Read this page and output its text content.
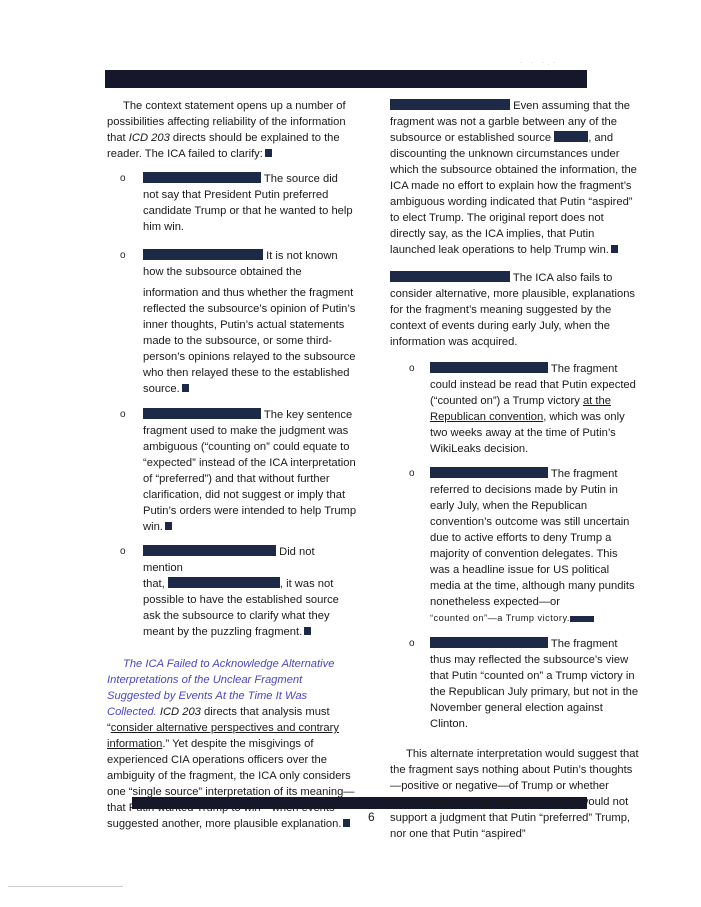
· · ·.·

The context statement opens up a number of possibilities affecting reliability of the information that ICD 203 directs should be explained to the reader. The ICA failed to clarify:

o	The source did
not say that President Putin preferred candidate Trump or that he wanted to help him win.
o	It is not known
how the subsource obtained the

information and thus whether the fragment reflected the subsource’s opinion of Putin’s inner thoughts, Putin’s actual statements made to the subsource, or some third-person’s opinions relayed to the subsource who then relayed these to the established source.

o	The key sentence
fragment used to make the judgment was ambiguous (“counting on” could equate to “expected” instead of the ICA interpretation of “preferred”) and that without further clarification, did not suggest or imply that Putin’s orders were intended to help Trump win.
o	Did not mention
that,	, it was not
possible to have the established source ask the subsource to clarify what they meant by the puzzling fragment.

The ICA Failed to Acknowledge Alternative Interpretations of the Unclear Fragment Suggested by Events At the Time It Was Collected. ICD 203 directs that analysis must “consider alternative perspectives and contrary information.” Yet despite the misgivings of experienced CIA operations officers over the ambiguity of the fragment, the ICA only considers one “single source” interpretation of its meaning—that Putin wanted Trump to win—when events suggested another, more plausible explanation.

Even assuming that the fragment was not a garble between any of the subsource or established source	, and discounting the unknown circumstances under which the subsource obtained the information, the ICA made no effort to explain how the fragment’s ambiguous wording indicated that Putin “aspired” to elect Trump. The original report does not directly say, as the ICA implies, that Putin launched leak operations to help Trump win.

The ICA also fails to consider alternative, more plausible, explanations for the fragment’s meaning suggested by the context of events during early July, when the information was acquired.

o	The fragment
could instead be read that Putin expected (“counted on”) a Trump victory at the Republican convention, which was only two weeks away at the time of Putin’s WikiLeaks decision.
o	The fragment
referred to decisions made by Putin in early July, when the Republican convention’s outcome was still uncertain due to active efforts to deny Trump a majority of convention delegates. This was a headline issue for US political media at the time, although many pundits nonetheless expected—or
“counted on”—a Trump victory.
o	The fragment
thus may reflected the subsource’s view that Putin “counted on” a Trump victory in the Republican July primary, but not in the November general election against Clinton.

This alternate interpretation would suggest that the fragment says nothing about Putin’s thoughts—positive or negative—of Trump or whether Russia ought to help him win or not. It would not support a judgment that Putin “preferred” Trump, nor one that Putin “aspired”

6
